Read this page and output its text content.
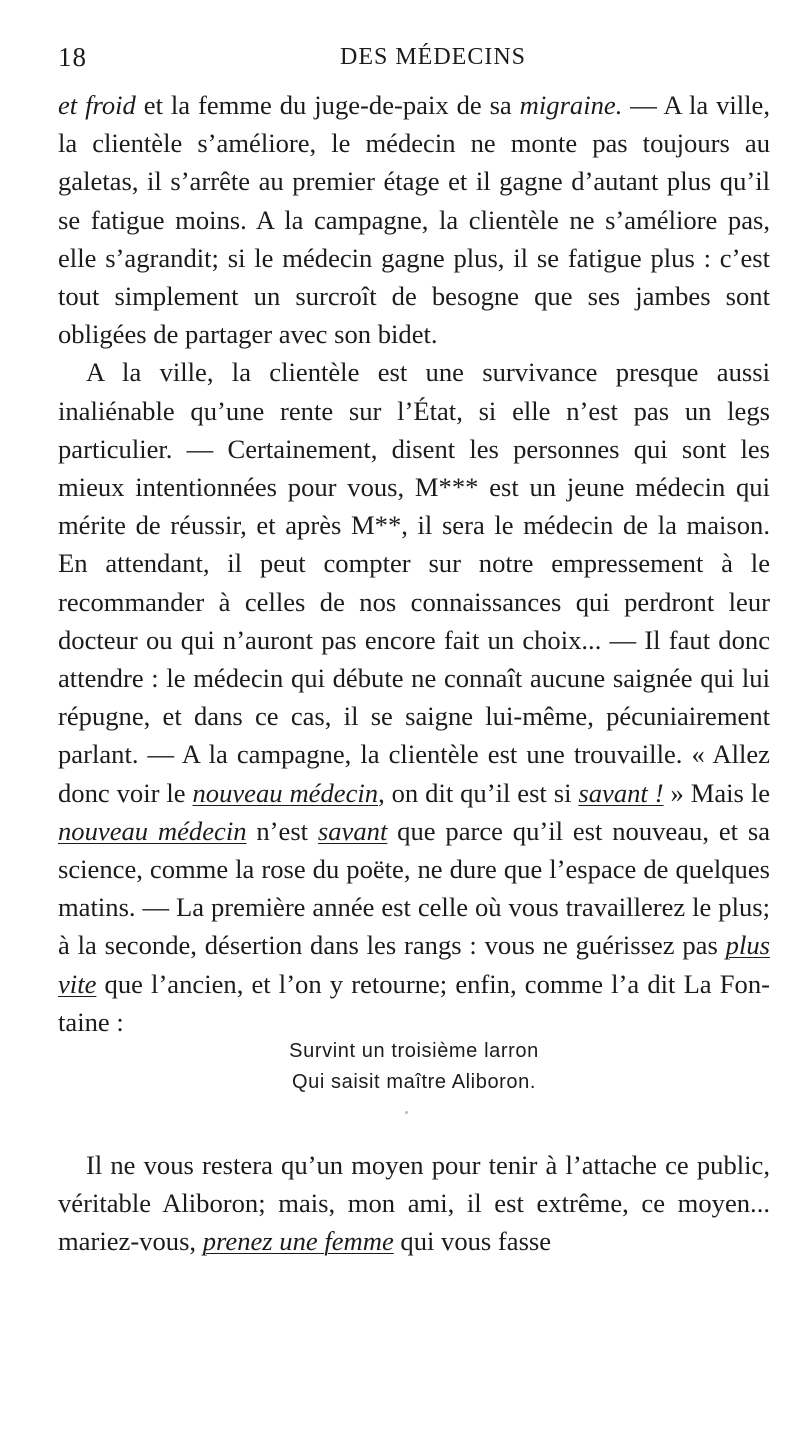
18	DES MÉDECINS

et froid et la femme du juge-de-paix de sa migraine. — A la ville, la clientèle s’améliore, le médecin ne monte pas toujours au galetas, il s’arrête au premier étage et il gagne d’autant plus qu’il se fatigue moins. A la campagne, la clientèle ne s’améliore pas, elle s’agrandit; si le médecin gagne plus, il se fatigue plus : c’est tout simplement un surcroît de besogne que ses jambes sont obligées de partager avec son bidet.

A la ville, la clientèle est une survivance presque aussi inaliénable qu’une rente sur l’État, si elle n’est pas un legs particulier. — Certainement, disent les personnes qui sont les mieux intentionnées pour vous, M*** est un jeune médecin qui mérite de réussir, et après M**, il sera le médecin de la maison. En attendant, il peut compter sur notre empressement à le recommander à celles de nos connaissances qui perdront leur docteur ou qui n’auront pas encore fait un choix... — Il faut donc attendre : le médecin qui débute ne connaît aucune saignée qui lui répugne, et dans ce cas, il se saigne lui-même, pécuniairement parlant. — A la campagne, la clientèle est une trouvaille. « Allez donc voir le nouveau médecin, on dit qu’il est si savant ! » Mais le nouveau médecin n’est savant que parce qu’il est nouveau, et sa science, comme la rose du poëte, ne dure que l’espace de quelques matins. — La première année est celle où vous travaillerez le plus; à la seconde, désertion dans les rangs : vous ne guérissez pas plus vite que l’ancien, et l’on y retourne; enfin, comme l’a dit La Fontaine :

Survint un troisième larron
Qui saisit maître Aliboron.

Il ne vous restera qu’un moyen pour tenir à l’attache ce public, véritable Aliboron; mais, mon ami, il est extrême, ce moyen... mariez-vous, prenez une femme qui vous fasse
